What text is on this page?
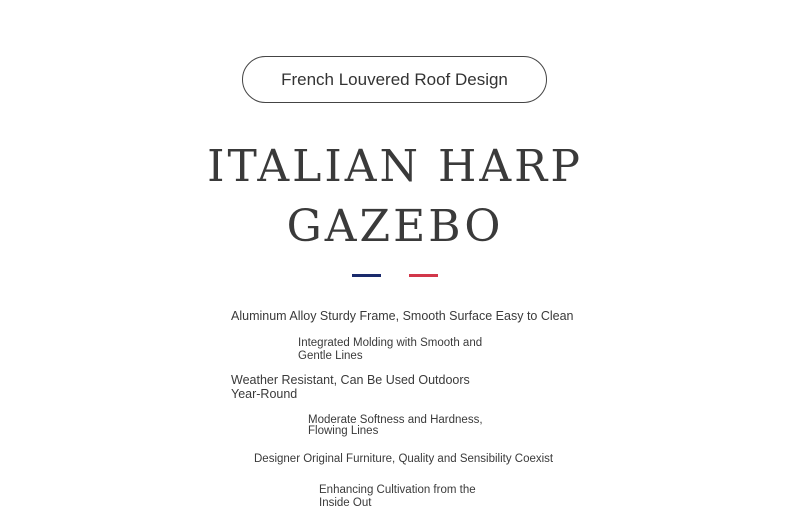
French Louvered Roof Design
ITALIAN HARP
GAZEBO

Aluminum Alloy Sturdy Frame, Smooth Surface Easy to Clean

Integrated Molding with Smooth and Gentle Lines

Weather Resistant, Can Be Used Outdoors Year-Round

Moderate Softness and Hardness, Flowing Lines

Designer Original Furniture, Quality and Sensibility Coexist

Enhancing Cultivation from the Inside Out
